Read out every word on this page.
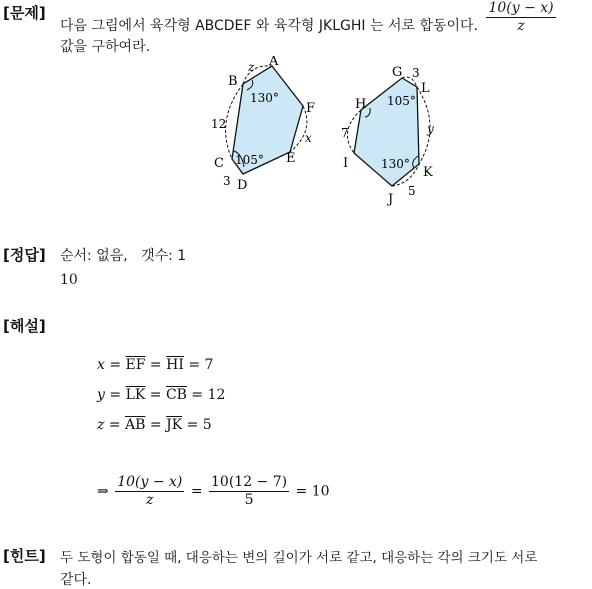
[문제]
다음 그림에서 육각형 ABCDEF 와 육각형 JKLGHI 는 서로 합동이다. $\frac{10(y - x)}{z}$
값을 구하여라.
A
B
C
D
E
F
130°
105°
12
3
z
x
G
H
I
J
K
L
105°
130°
3
7
5
y
[정답] 순서: 없음,   갯수: 1
10
[해설]
$x = \overline{EF} = \overline{HI} = 7$
$y = \overline{LK} = \overline{CB} = 12$
$z = \overline{AB} = \overline{JK} = 5$
⇒ $\frac{10(y - x)}{z} = \frac{10(12 - 7)}{5} = 10$
[힌트] 두 도형이 합동일 때, 대응하는 변의 길이가 서로 같고, 대응하는 각의 크기도 서로
같다.
